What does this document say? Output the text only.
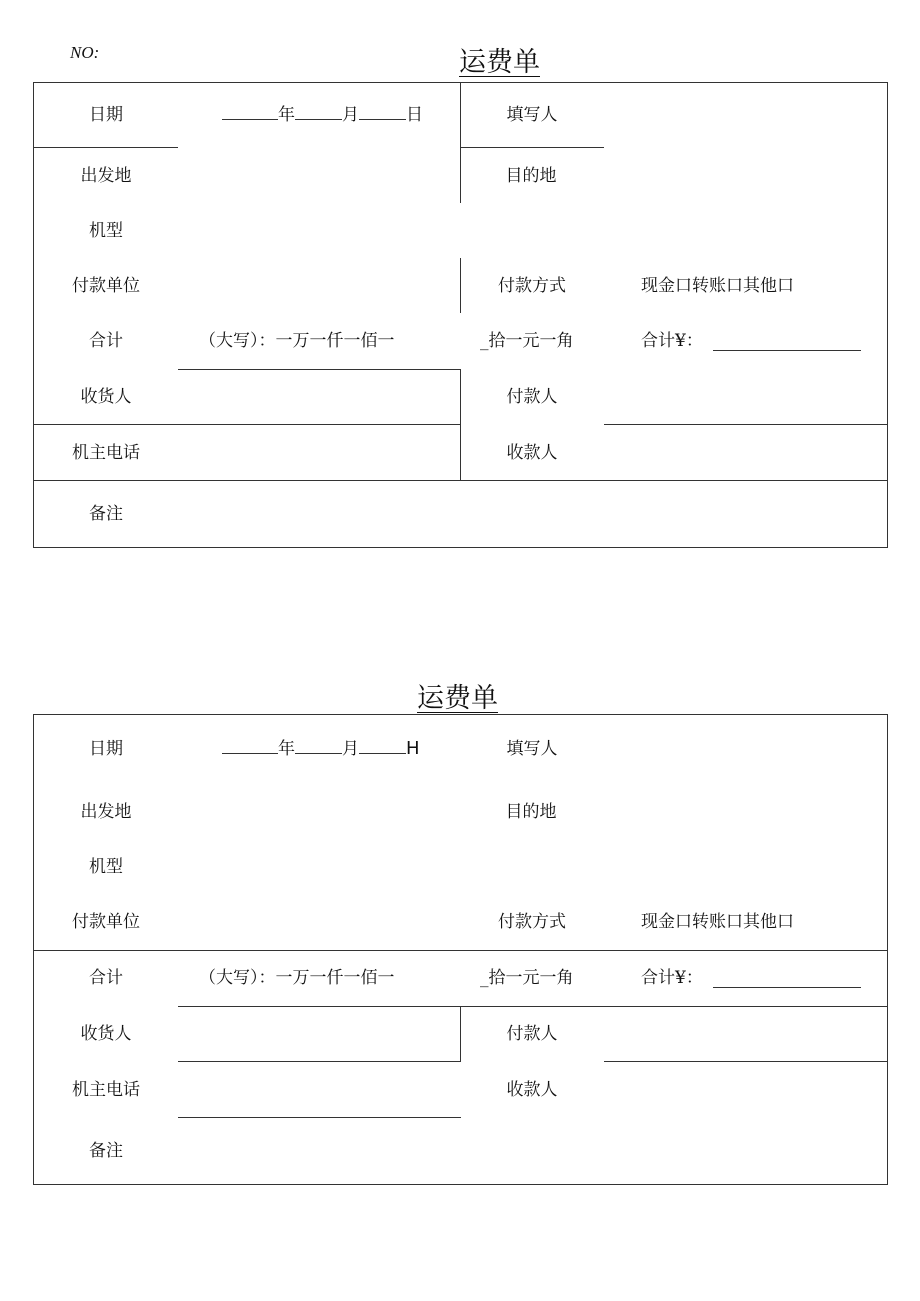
NO:	运费单
日期	年	月	日	填写人
出发地	目的地
机型
付款单位	付款方式	现金口转账口其他口
合计	（大写）：一万一仟一佰一	_拾一元一角	合计¥：
收货人	付款人
机主电话	收款人
备注
运费单
日期	年	月	H	填写人
出发地	目的地
机型
付款单位	付款方式	现金口转账口其他口
合计	（大写）：一万一仟一佰一	_拾一元一角	合计¥：
收货人	付款人
机主电话	收款人
备注
